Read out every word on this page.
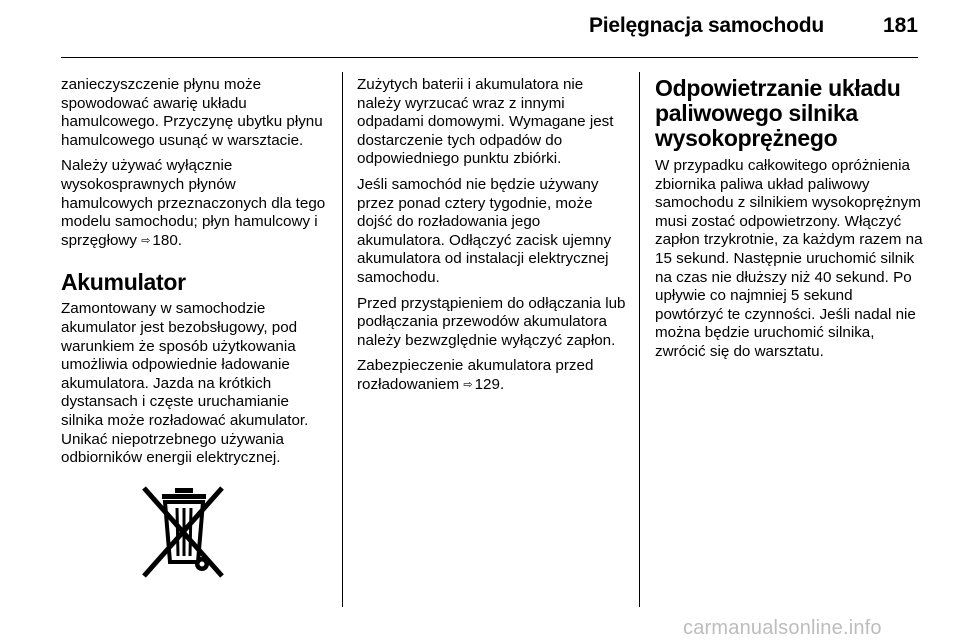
Pielęgnacja samochodu	181

zanieczyszczenie płynu może spowodować awarię układu hamulcowego. Przyczynę ubytku płynu hamulcowego usunąć w warsztacie.

Należy używać wyłącznie wysokosprawnych płynów hamulcowych przeznaczonych dla tego modelu samochodu; płyn hamulcowy i sprzęgłowy ⇨ 180.

Akumulator

Zamontowany w samochodzie akumulator jest bezobsługowy, pod warunkiem że sposób użytkowania umożliwia odpowiednie ładowanie akumulatora. Jazda na krótkich dystansach i częste uruchamianie silnika może rozładować akumulator. Unikać niepotrzebnego używania odbiorników energii elektrycznej.

Zużytych baterii i akumulatora nie należy wyrzucać wraz z innymi odpadami domowymi. Wymagane jest dostarczenie tych odpadów do odpowiedniego punktu zbiórki.

Jeśli samochód nie będzie używany przez ponad cztery tygodnie, może dojść do rozładowania jego akumulatora. Odłączyć zacisk ujemny akumulatora od instalacji elektrycznej samochodu.

Przed przystąpieniem do odłączania lub podłączania przewodów akumulatora należy bezwzględnie wyłączyć zapłon.

Zabezpieczenie akumulatora przed rozładowaniem ⇨ 129.

Odpowietrzanie układu paliwowego silnika wysokoprężnego

W przypadku całkowitego opróżnienia zbiornika paliwa układ paliwowy samochodu z silnikiem wysokoprężnym musi zostać odpowietrzony. Włączyć zapłon trzykrotnie, za każdym razem na 15 sekund. Następnie uruchomić silnik na czas nie dłuższy niż 40 sekund. Po upływie co najmniej 5 sekund powtórzyć te czynności. Jeśli nadal nie można będzie uruchomić silnika, zwrócić się do warsztatu.

carmanualsonline.info
